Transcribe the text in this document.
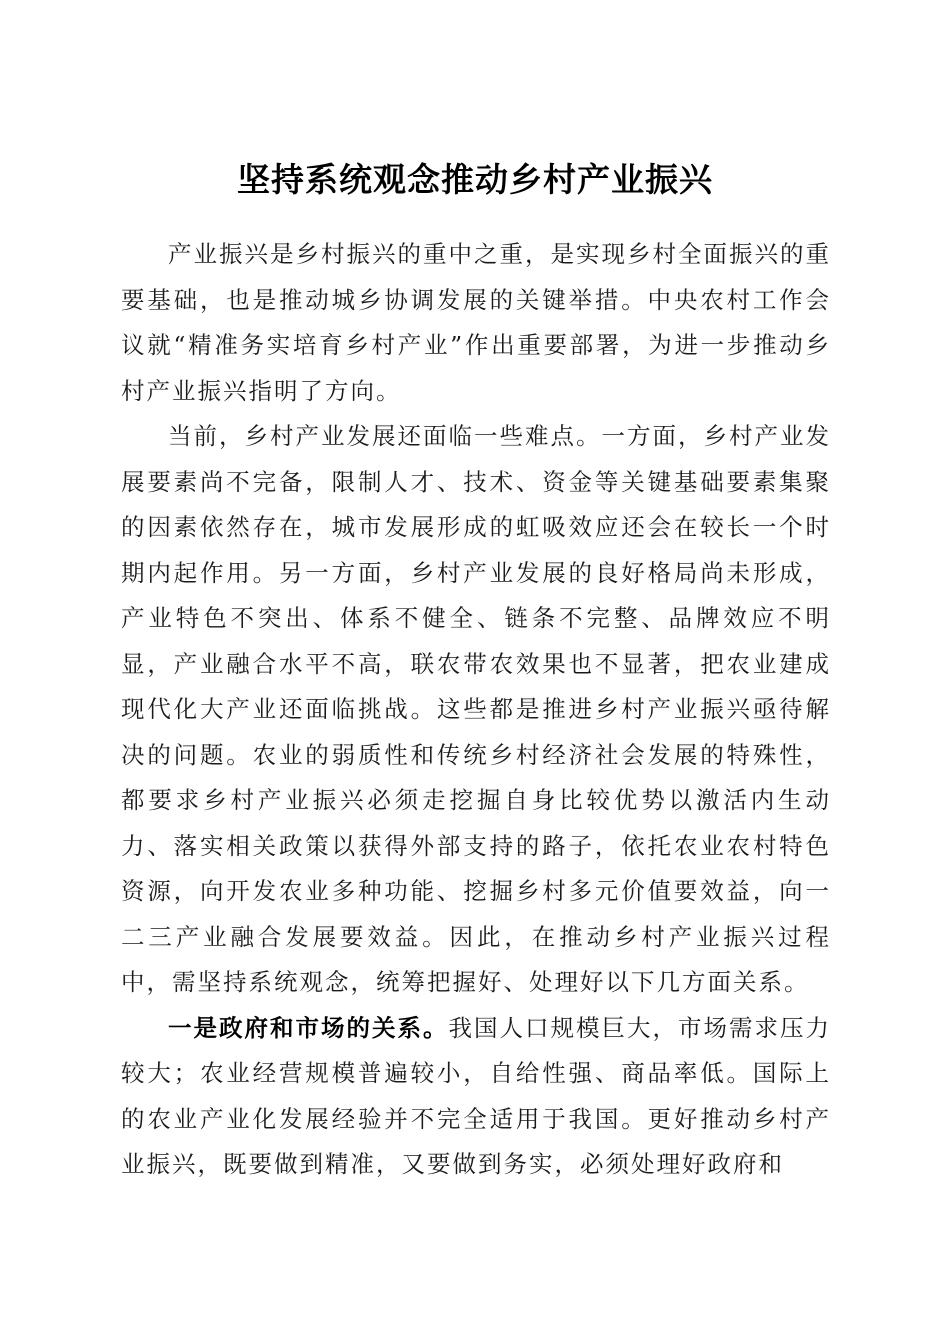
坚持系统观念推动乡村产业振兴

产业振兴是乡村振兴的重中之重，是实现乡村全面振兴的重要基础，也是推动城乡协调发展的关键举措。中央农村工作会议就“精准务实培育乡村产业”作出重要部署，为进一步推动乡村产业振兴指明了方向。

当前，乡村产业发展还面临一些难点。一方面，乡村产业发展要素尚不完备，限制人才、技术、资金等关键基础要素集聚的因素依然存在，城市发展形成的虹吸效应还会在较长一个时期内起作用。另一方面，乡村产业发展的良好格局尚未形成，产业特色不突出、体系不健全、链条不完整、品牌效应不明显，产业融合水平不高，联农带农效果也不显著，把农业建成现代化大产业还面临挑战。这些都是推进乡村产业振兴亟待解决的问题。农业的弱质性和传统乡村经济社会发展的特殊性，都要求乡村产业振兴必须走挖掘自身比较优势以激活内生动力、落实相关政策以获得外部支持的路子，依托农业农村特色资源，向开发农业多种功能、挖掘乡村多元价值要效益，向一二三产业融合发展要效益。因此，在推动乡村产业振兴过程中，需坚持系统观念，统筹把握好、处理好以下几方面关系。

一是政府和市场的关系。我国人口规模巨大，市场需求压力较大；农业经营规模普遍较小，自给性强、商品率低。国际上的农业产业化发展经验并不完全适用于我国。更好推动乡村产业振兴，既要做到精准，又要做到务实，必须处理好政府和
